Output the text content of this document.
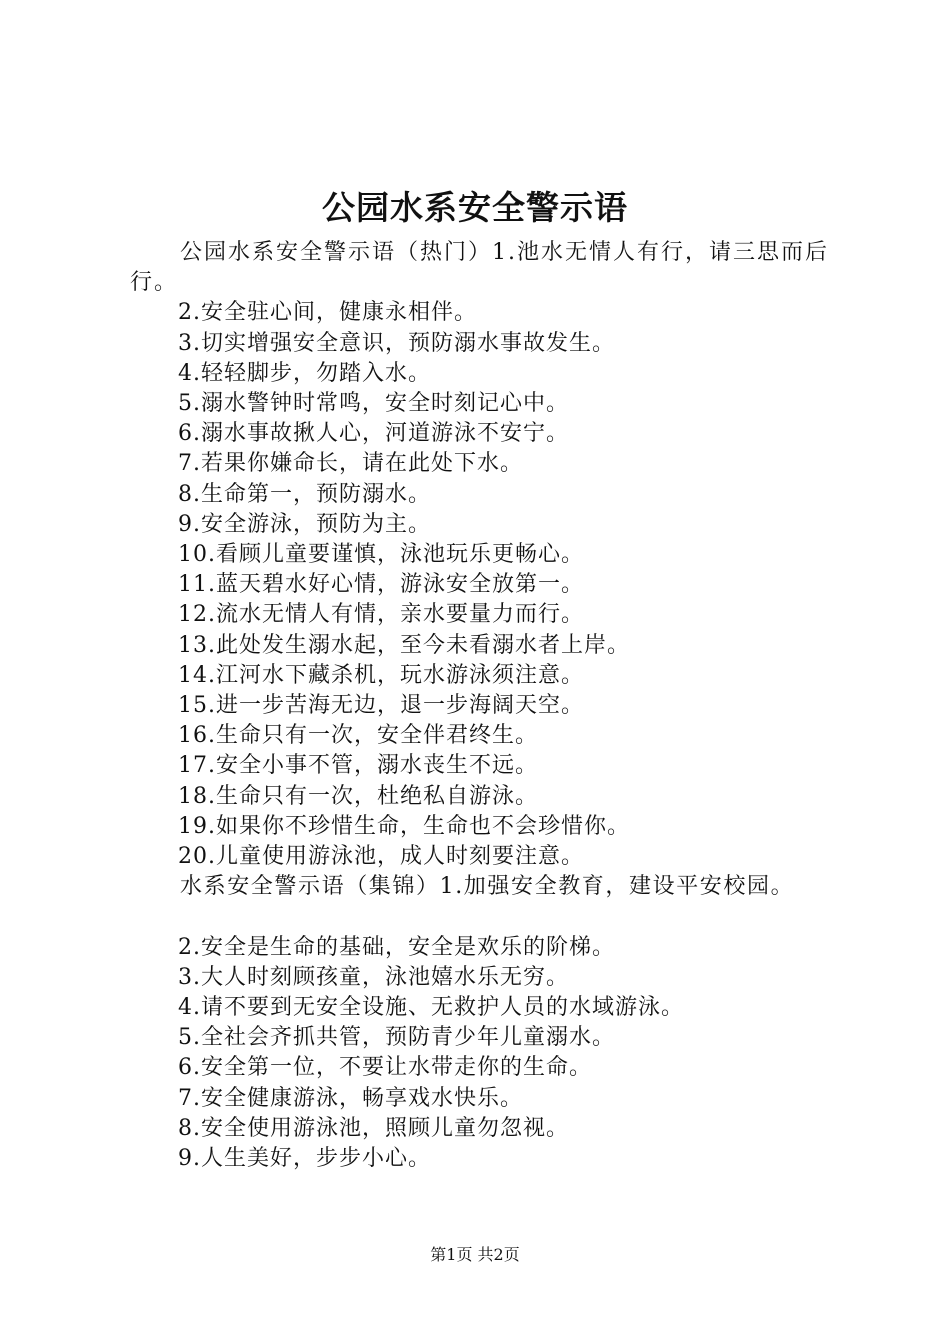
公园水系安全警示语

公园水系安全警示语（热门）1.池水无情人有行，请三思而后行。

2.安全驻心间，健康永相伴。

3.切实增强安全意识，预防溺水事故发生。

4.轻轻脚步，勿踏入水。

5.溺水警钟时常鸣，安全时刻记心中。

6.溺水事故揪人心，河道游泳不安宁。

7.若果你嫌命长，请在此处下水。

8.生命第一，预防溺水。

9.安全游泳，预防为主。

10.看顾儿童要谨慎，泳池玩乐更畅心。

11.蓝天碧水好心情，游泳安全放第一。

12.流水无情人有情，亲水要量力而行。

13.此处发生溺水起，至今未看溺水者上岸。

14.江河水下藏杀机，玩水游泳须注意。

15.进一步苦海无边，退一步海阔天空。

16.生命只有一次，安全伴君终生。

17.安全小事不管，溺水丧生不远。

18.生命只有一次，杜绝私自游泳。

19.如果你不珍惜生命，生命也不会珍惜你。

20.儿童使用游泳池，成人时刻要注意。

水系安全警示语（集锦）1.加强安全教育，建设平安校园。

2.安全是生命的基础，安全是欢乐的阶梯。

3.大人时刻顾孩童，泳池嬉水乐无穷。

4.请不要到无安全设施、无救护人员的水域游泳。

5.全社会齐抓共管，预防青少年儿童溺水。

6.安全第一位，不要让水带走你的生命。

7.安全健康游泳，畅享戏水快乐。

8.安全使用游泳池，照顾儿童勿忽视。

9.人生美好，步步小心。

第1页 共2页
